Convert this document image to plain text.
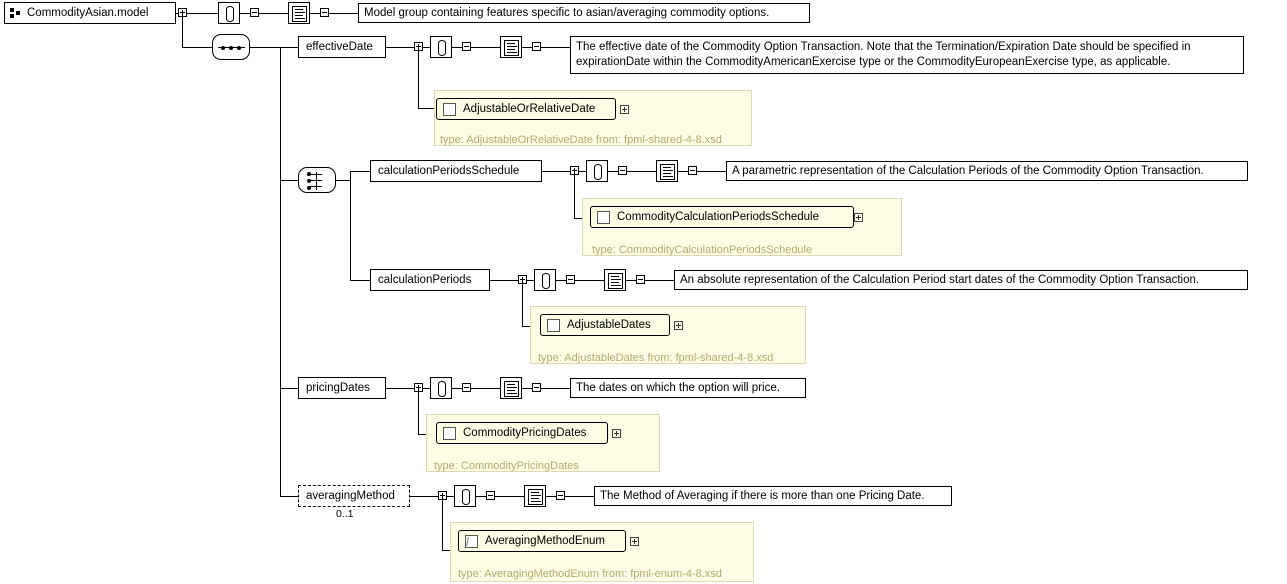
CommodityAsian.model	Model group containing features specific to asian/averaging commodity options.
effectiveDate	The effective date of the Commodity Option Transaction. Note that the Termination/Expiration Date should be specified in expirationDate within the CommodityAmericanExercise type or the CommodityEuropeanExercise type, as applicable.
AdjustableOrRelativeDate
type: AdjustableOrRelativeDate from: fpml-shared-4-8.xsd
calculationPeriodsSchedule	A parametric representation of the Calculation Periods of the Commodity Option Transaction.
CommodityCalculationPeriodsSchedule
type: CommodityCalculationPeriodsSchedule
calculationPeriods	An absolute representation of the Calculation Period start dates of the Commodity Option Transaction.
AdjustableDates
type: AdjustableDates from: fpml-shared-4-8.xsd
pricingDates	The dates on which the option will price.
CommodityPricingDates
type: CommodityPricingDates
averagingMethod
0..1
The Method of Averaging if there is more than one Pricing Date.
AveragingMethodEnum
type: AveragingMethodEnum from: fpml-enum-4-8.xsd
